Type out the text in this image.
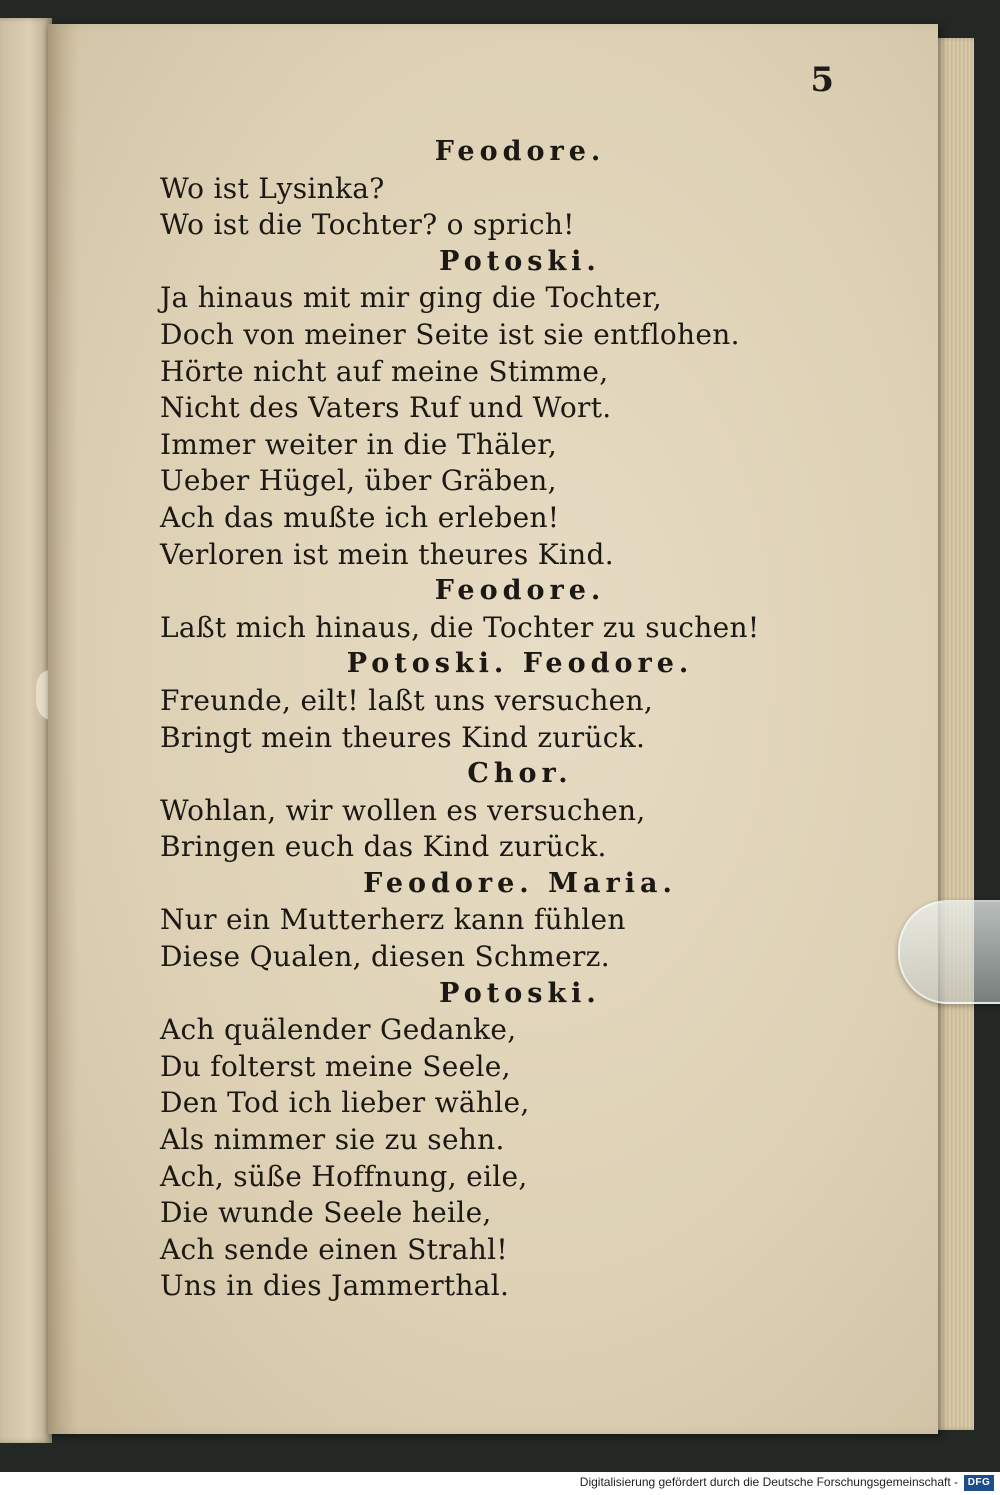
5
Feodore.
Wo ist Lysinka?
Wo ist die Tochter? o sprich!
Potoski.
Ja hinaus mit mir ging die Tochter,
Doch von meiner Seite ist sie entflohen.
Hörte nicht auf meine Stimme,
Nicht des Vaters Ruf und Wort.
Immer weiter in die Thäler,
Ueber Hügel, über Gräben,
Ach das mußte ich erleben!
Verloren ist mein theures Kind.
Feodore.
Laßt mich hinaus, die Tochter zu suchen!
Potoski. Feodore.
Freunde, eilt! laßt uns versuchen,
Bringt mein theures Kind zurück.
Chor.
Wohlan, wir wollen es versuchen,
Bringen euch das Kind zurück.
Feodore. Maria.
Nur ein Mutterherz kann fühlen
Diese Qualen, diesen Schmerz.
Potoski.
Ach quälender Gedanke,
Du folterst meine Seele,
Den Tod ich lieber wähle,
Als nimmer sie zu sehn.
Ach, süße Hoffnung, eile,
Die wunde Seele heile,
Ach sende einen Strahl!
Uns in dies Jammerthal.
Digitalisierung gefördert durch die Deutsche Forschungsgemeinschaft - DFG
